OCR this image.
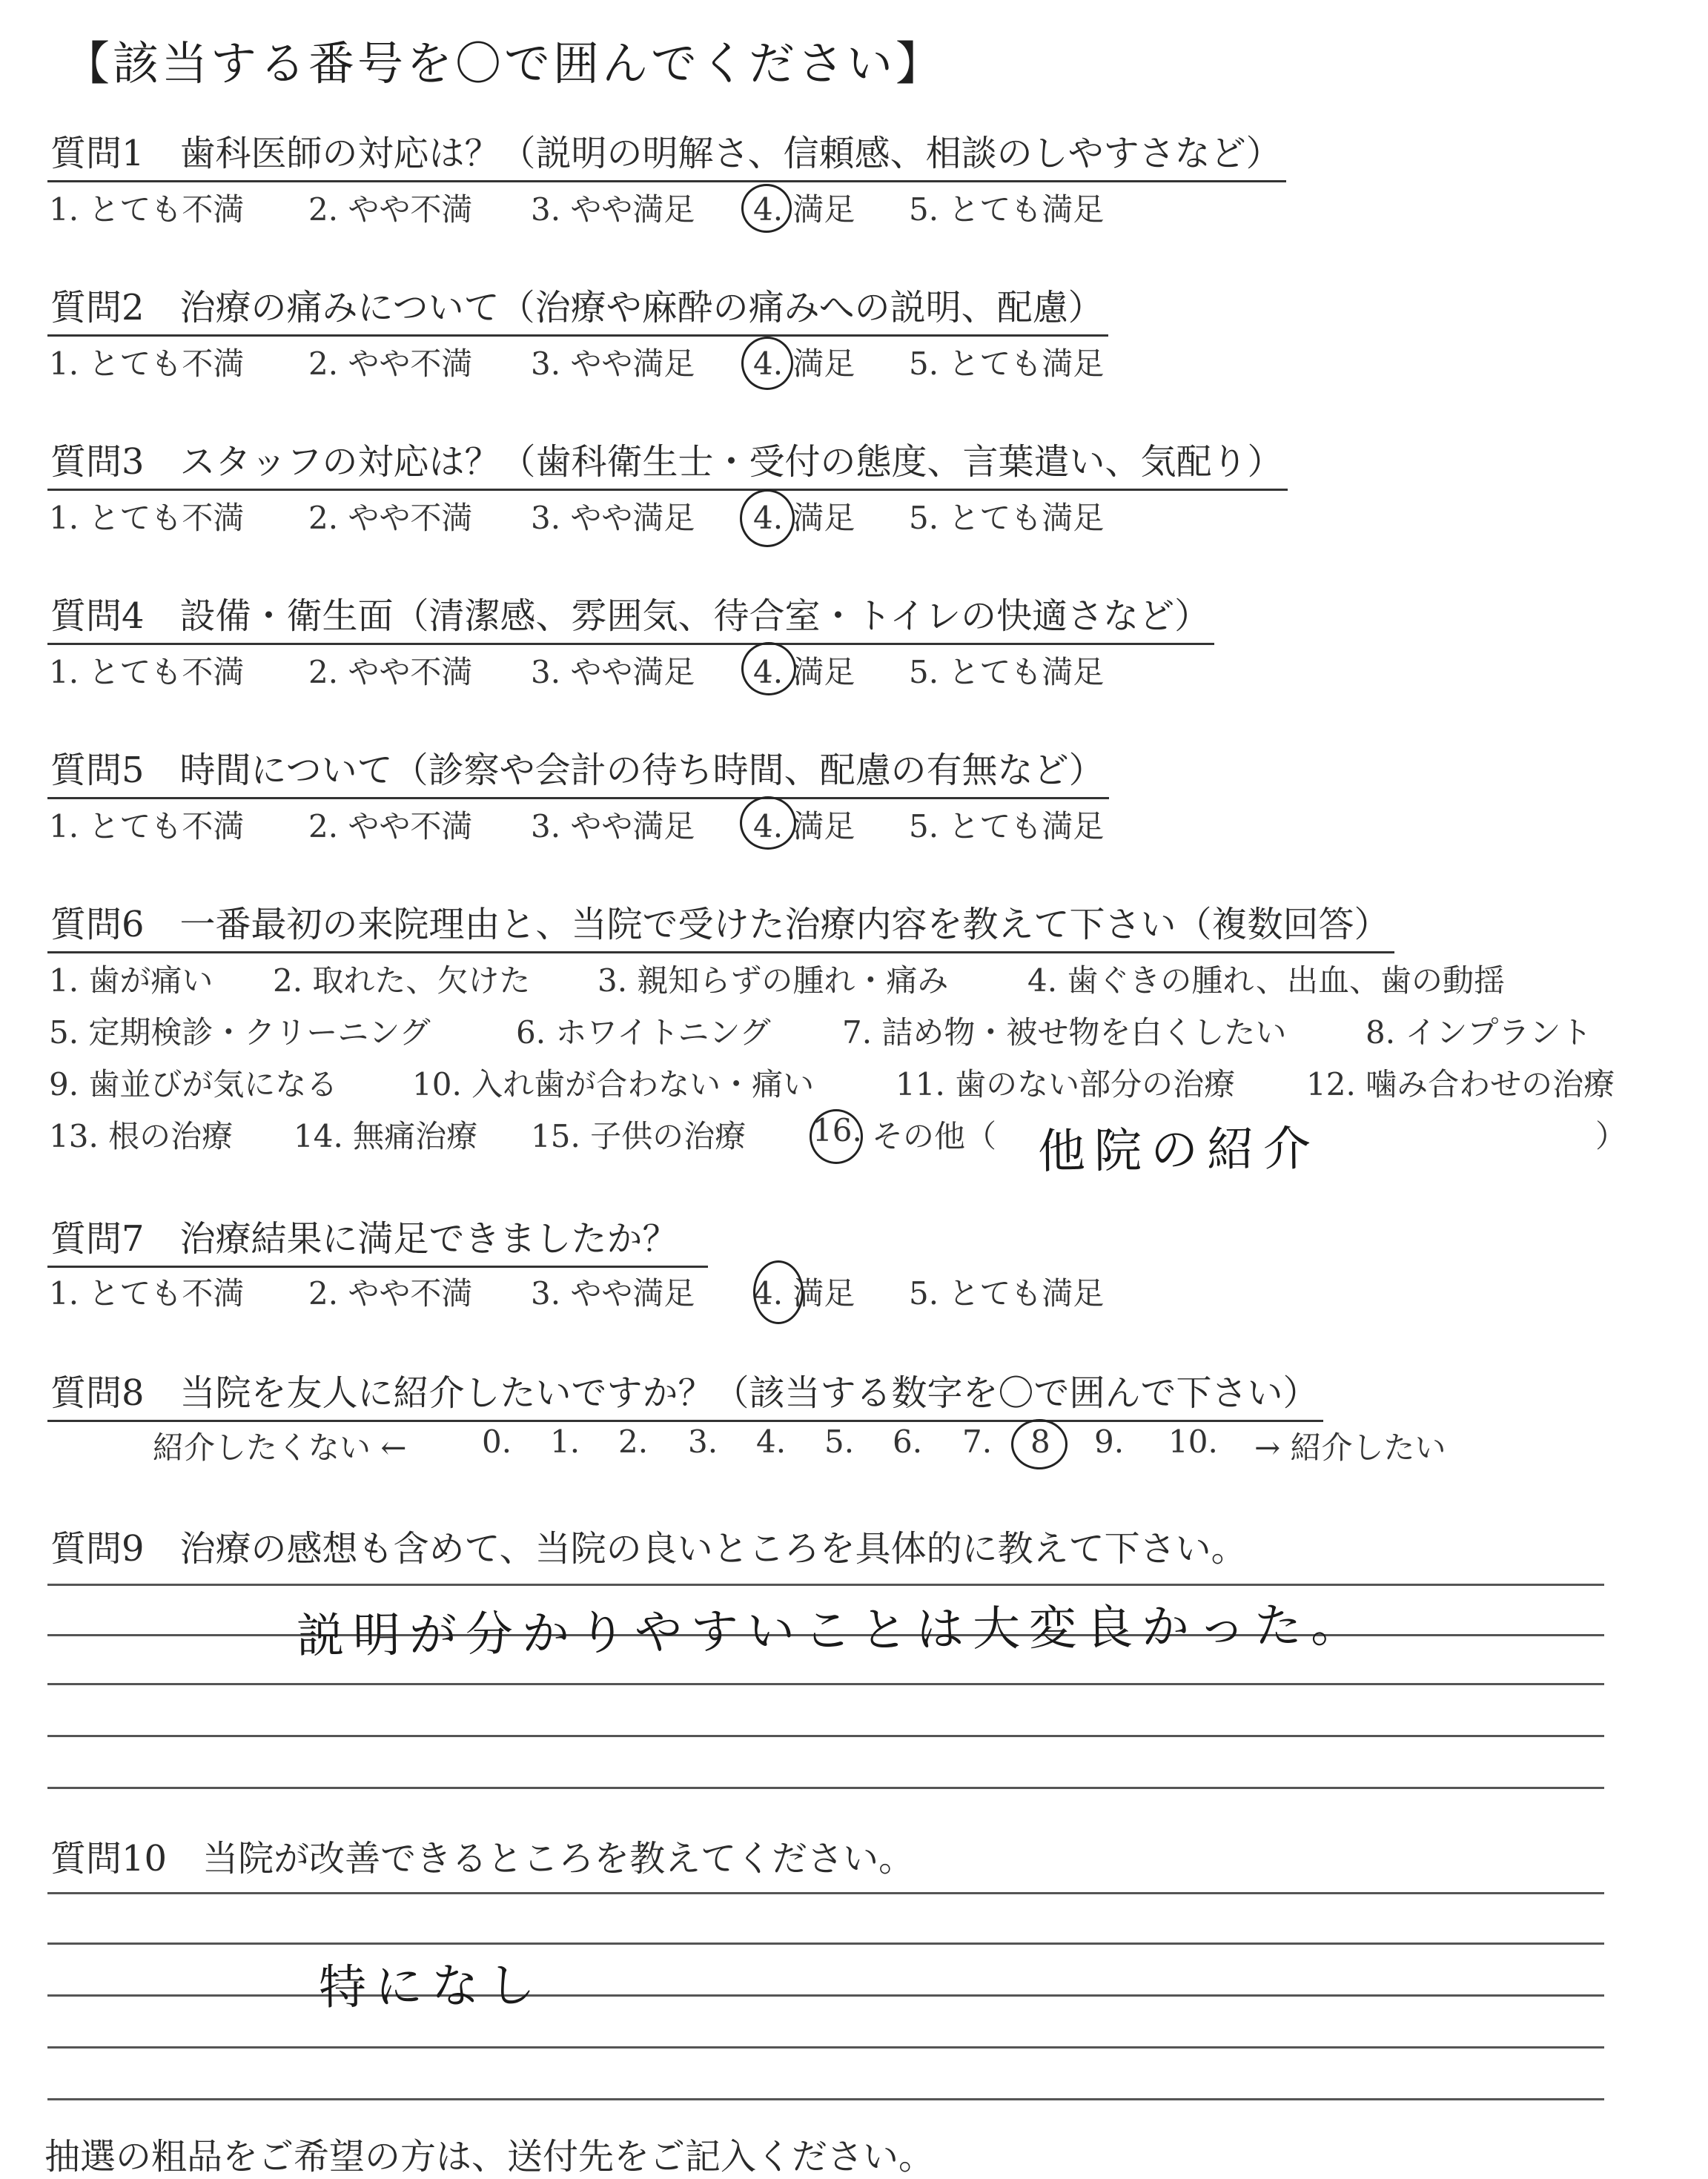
【該当する番号を〇で囲んでください】
質問1　歯科医師の対応は？（説明の明解さ、信頼感、相談のしやすさなど）
1. とても不満 2. やや不満 3. やや満足 4. 満足 5. とても満足
質問2　治療の痛みについて（治療や麻酔の痛みへの説明、配慮）
1. とても不満 2. やや不満 3. やや満足 4. 満足 5. とても満足
質問3　スタッフの対応は？（歯科衛生士・受付の態度、言葉遣い、気配り）
1. とても不満 2. やや不満 3. やや満足 4. 満足 5. とても満足
質問4　設備・衛生面（清潔感、雰囲気、待合室・トイレの快適さなど）
1. とても不満 2. やや不満 3. やや満足 4. 満足 5. とても満足
質問5　時間について（診察や会計の待ち時間、配慮の有無など）
1. とても不満 2. やや不満 3. やや満足 4. 満足 5. とても満足
質問6　一番最初の来院理由と、当院で受けた治療内容を教えて下さい（複数回答）
1. 歯が痛い 2. 取れた、欠けた 3. 親知らずの腫れ・痛み	4. 歯ぐきの腫れ、出血、歯の動揺
5. 定期検診・クリーニング	6. ホワイトニング 7. 詰め物・被せ物を白くしたい	8. インプラント
9. 歯並びが気になる 10. 入れ歯が合わない・痛い	11. 歯のない部分の治療 12. 噛み合わせの治療
13. 根の治療 14. 無痛治療 15. 子供の治療 16. その他（	）
他院の紹介
質問7　治療結果に満足できましたか？
1. とても不満 2. やや不満 3. やや満足 4. 満足 5. とても満足
質問8　当院を友人に紹介したいですか？（該当する数字を〇で囲んで下さい）
紹介したくない ← 0. 1. 2. 3. 4. 5. 6. 7. 8 9. 10. → 紹介したい
質問9　治療の感想も含めて、当院の良いところを具体的に教えて下さい。
説明が分かりやすいことは大変良かった。
質問10　当院が改善できるところを教えてください。
特になし
抽選の粗品をご希望の方は、送付先をご記入ください。
